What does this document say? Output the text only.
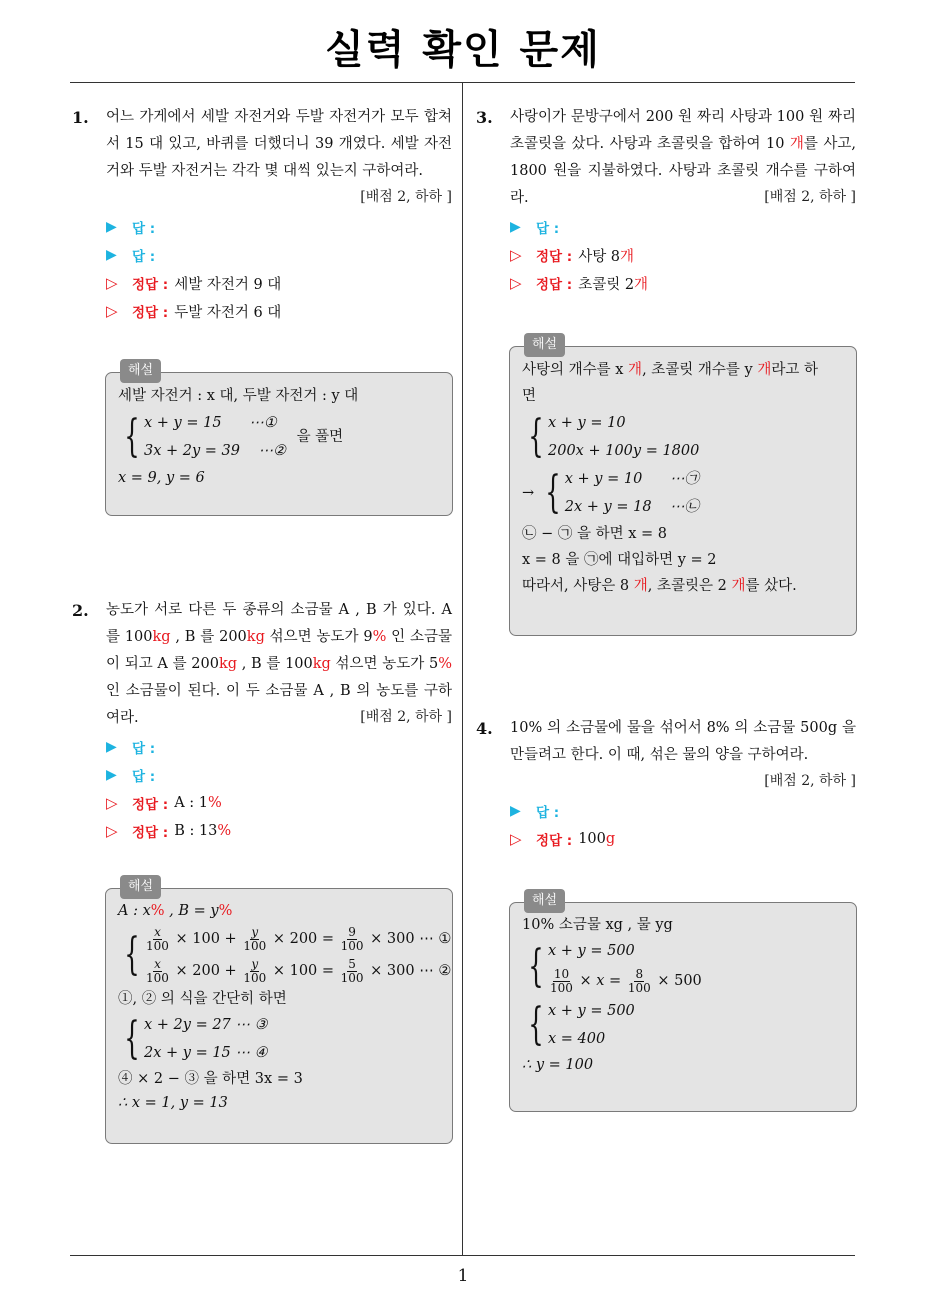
실력 확인 문제
1.	어느 가게에서 세발 자전거와 두발 자전거가 모두 합쳐서 15 대 있고, 바퀴를 더했더니 39 개였다. 세발 자전거와 두발 자전거는 각각 몇 대씩 있는지 구하여라.
[배점 2, 하하 ]
▶	답 :
▶	답 :
▷	정답 : 세발 자전거 9 대
▷	정답 : 두발 자전거 6 대
해설
세발 자전거 : x 대, 두발 자전거 : y 대
{ x + y = 15      ⋯①
3x + 2y = 39    ⋯②
을 풀면
x = 9, y = 6
2.	농도가 서로 다른 두 종류의 소금물 A , B 가 있다. A 를 100kg , B 를 200kg 섞으면 농도가 9% 인 소금물이 되고 A 를 200kg , B 를 100kg 섞으면 농도가 5% 인 소금물이 된다. 이 두 소금물 A , B 의 농도를 구하여라.	[배점 2, 하하 ]
▶	답 :
▶	답 :
▷	정답 : A : 1 %
▷	정답 : B : 13 %
해설
A : x% , B = y%
{ $\frac{x}{100} \times 100 + \frac{y}{100} \times 200 = \frac{9}{100} \times 300$ ⋯ ①
$\frac{x}{100} \times 200 + \frac{y}{100} \times 100 = \frac{5}{100} \times 300$ ⋯ ②
①, ② 의 식을 간단히 하면
{ x + 2y = 27 ⋯ ③
2x + y = 15 ⋯ ④
④ × 2 − ③ 을 하면 3x = 3
∴ x = 1, y = 13
3.	사랑이가 문방구에서 200 원 짜리 사탕과 100 원 짜리 초콜릿을 샀다. 사탕과 초콜릿을 합하여 10 개를 사고, 1800 원을 지불하였다. 사탕과 초콜릿 개수를 구하여라.	[배점 2, 하하 ]
▶	답 :
▷	정답 : 사탕 8 개
▷	정답 : 초콜릿 2 개
해설
사탕의 개수를 x 개, 초콜릿 개수를 y 개라고 하
면
{ x + y = 10
200x + 100y = 1800
→ { x + y = 10      ⋯㉠
2x + y = 18    ⋯㉡
㉡ − ㉠ 을 하면 x = 8
x = 8 을 ㉠에 대입하면 y = 2
따라서, 사탕은 8 개, 초콜릿은 2 개를 샀다.
4.	10% 의 소금물에 물을 섞어서 8% 의 소금물 500g 을 만들려고 한다. 이 때, 섞은 물의 양을 구하여라.
[배점 2, 하하 ]
▶	답 :
▷	정답 : 100 g
해설
10% 소금물 xg , 물 yg
{ x + y = 500
$\frac{10}{100} \times x = \frac{8}{100} \times 500$
{ x + y = 500
x = 400
∴ y = 100
1
